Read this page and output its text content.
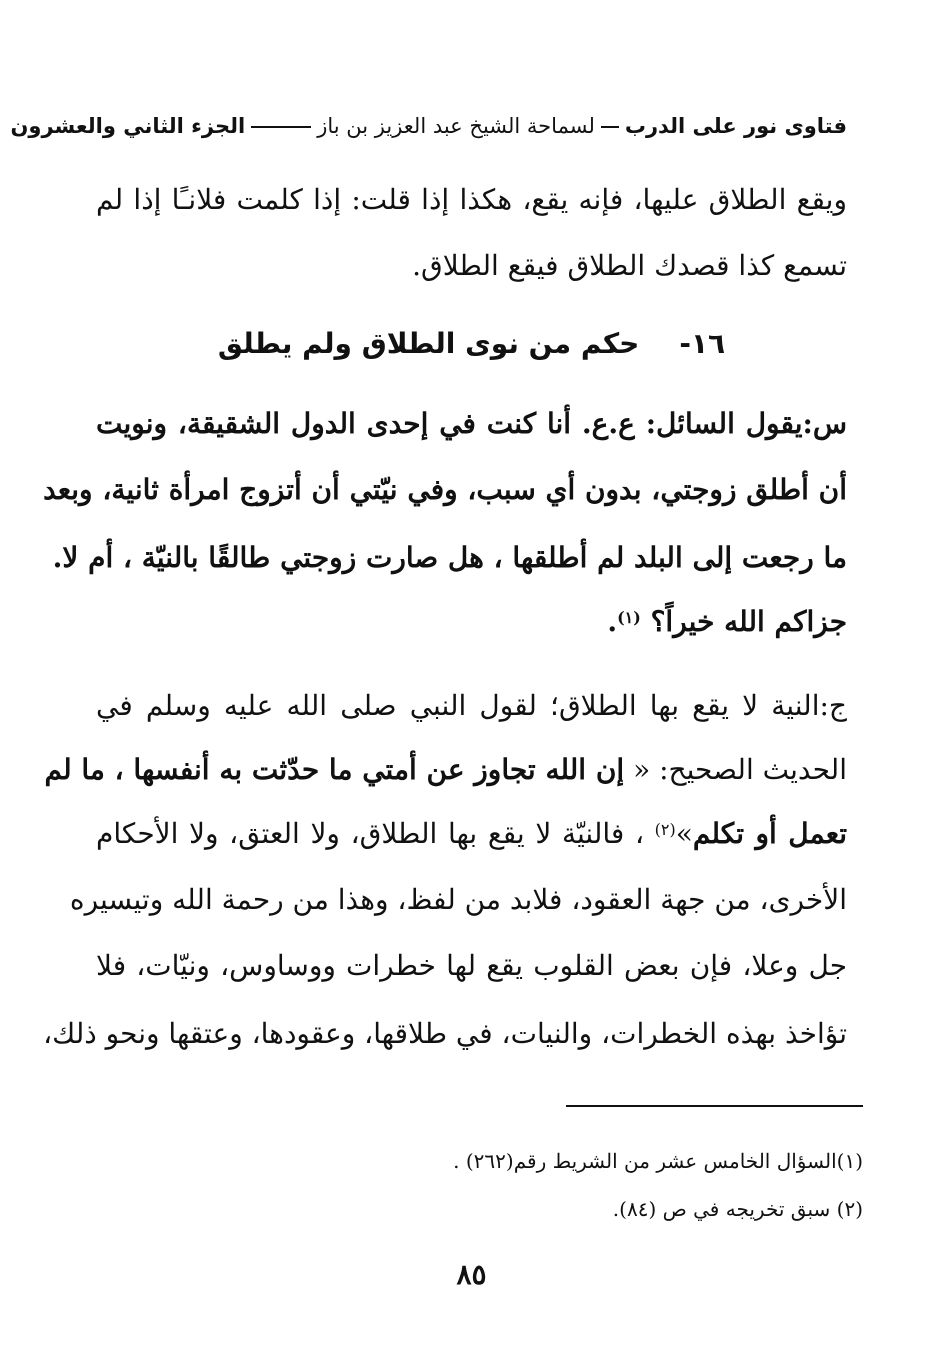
فتاوى نور على الدربلسماحة الشيخ عبد العزيز بن بازالجزء الثاني والعشرون
ويقع الطلاق عليها، فإنه يقع، هكذا إذا قلت: إذا كلمت فلانـًا إذا لم
تسمع كذا قصدك الطلاق فيقع الطلاق.
١٦-حكم من نوى الطلاق ولم يطلق
س:يقول السائل: ع.ع. أنا كنت في إحدى الدول الشقيقة، ونويت
أن أطلق زوجتي، بدون أي سبب، وفي نيّتي أن أتزوج امرأة ثانية، وبعد
ما رجعت إلى البلد لم أطلقها ، هل صارت زوجتي طالقًا بالنيّة ، أم لا.
جزاكم الله خيراً؟ $^{(١)}$.
ج:النية لا يقع بها الطلاق؛ لقول النبي صلى الله عليه وسلم في
الحديث الصحيح: « إن الله تجاوز عن أمتي ما حدّثت به أنفسها ، ما لم
تعمل أو تكلم»$^{(٢)}$ ، فالنيّة لا يقع بها الطلاق، ولا العتق، ولا الأحكام
الأخرى، من جهة العقود، فلابد من لفظ، وهذا من رحمة الله وتيسيره
جل وعلا، فإن بعض القلوب يقع لها خطرات ووساوس، ونيّات، فلا
تؤاخذ بهذه الخطرات، والنيات، في طلاقها، وعقودها، وعتقها ونحو ذلك،
(١)السؤال الخامس عشر من الشريط رقم(٢٦٢) .
(٢) سبق تخريجه في ص (٨٤).
٨٥
